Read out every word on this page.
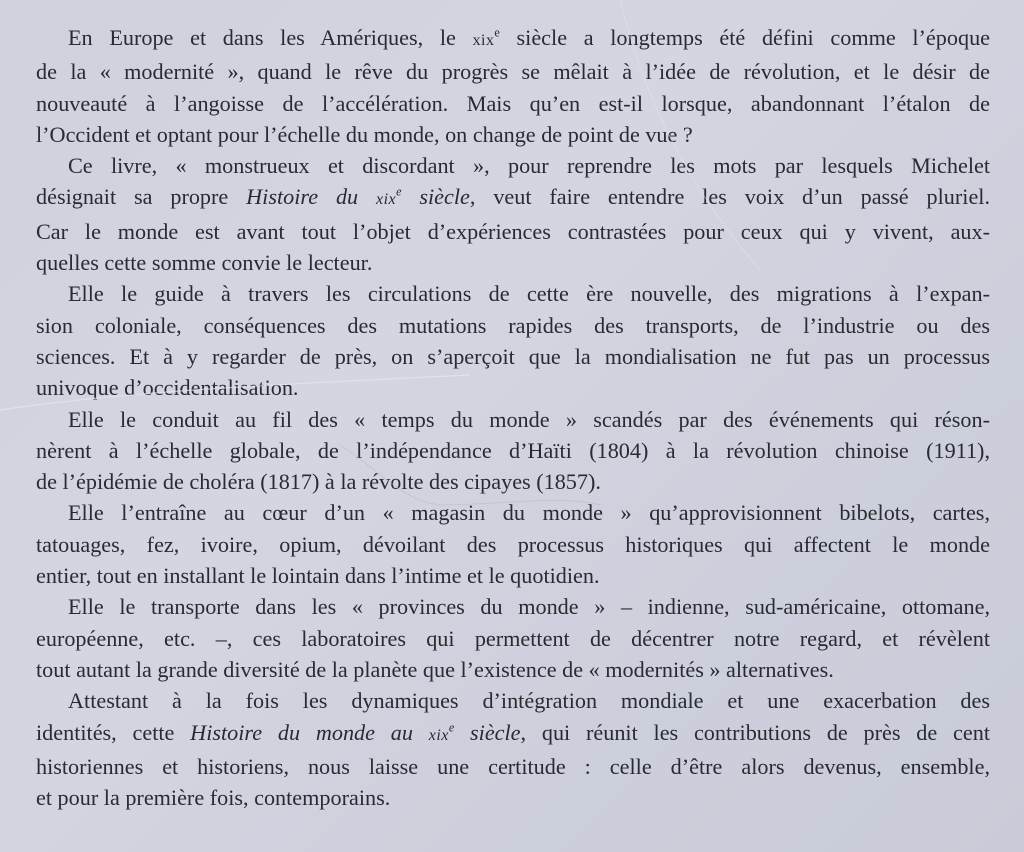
En Europe et dans les Amériques, le xix$^e$ siècle a longtemps été défini comme l’époque
de la « modernité », quand le rêve du progrès se mêlait à l’idée de révolution, et le désir de
nouveauté à l’angoisse de l’accélération. Mais qu’en est-il lorsque, abandonnant l’étalon de
l’Occident et optant pour l’échelle du monde, on change de point de vue ?

Ce livre, « monstrueux et discordant », pour reprendre les mots par lesquels Michelet
désignait sa propre Histoire du xix$^e$ siècle, veut faire entendre les voix d’un passé pluriel.
Car le monde est avant tout l’objet d’expériences contrastées pour ceux qui y vivent, aux-
quelles cette somme convie le lecteur.

Elle le guide à travers les circulations de cette ère nouvelle, des migrations à l’expan-
sion coloniale, conséquences des mutations rapides des transports, de l’industrie ou des
sciences. Et à y regarder de près, on s’aperçoit que la mondialisation ne fut pas un processus
univoque d’occidentalisation.

Elle le conduit au fil des « temps du monde » scandés par des événements qui réson-
nèrent à l’échelle globale, de l’indépendance d’Haïti (1804) à la révolution chinoise (1911),
de l’épidémie de choléra (1817) à la révolte des cipayes (1857).

Elle l’entraîne au cœur d’un « magasin du monde » qu’approvisionnent bibelots, cartes,
tatouages, fez, ivoire, opium, dévoilant des processus historiques qui affectent le monde
entier, tout en installant le lointain dans l’intime et le quotidien.

Elle le transporte dans les « provinces du monde » – indienne, sud-américaine, ottomane,
européenne, etc. –, ces laboratoires qui permettent de décentrer notre regard, et révèlent
tout autant la grande diversité de la planète que l’existence de « modernités » alternatives.

Attestant à la fois les dynamiques d’intégration mondiale et une exacerbation des
identités, cette Histoire du monde au xix$^e$ siècle, qui réunit les contributions de près de cent
historiennes et historiens, nous laisse une certitude : celle d’être alors devenus, ensemble,
et pour la première fois, contemporains.
